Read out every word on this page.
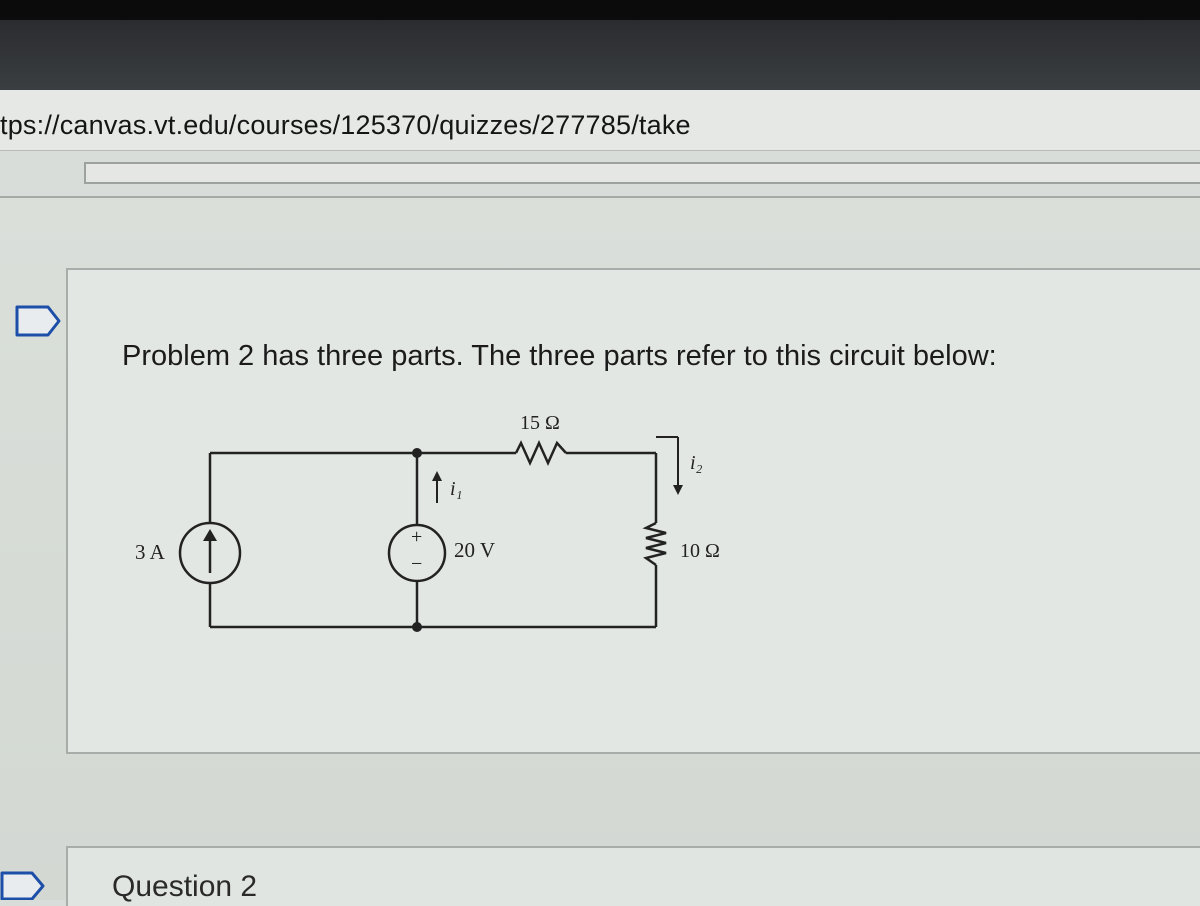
tps://canvas.vt.edu/courses/125370/quizzes/277785/take
Problem 2 has three parts. The three parts refer to this circuit below:
+
−
3 A	20 V
15 Ω
10 Ω
i₁
i₂
Question 2
